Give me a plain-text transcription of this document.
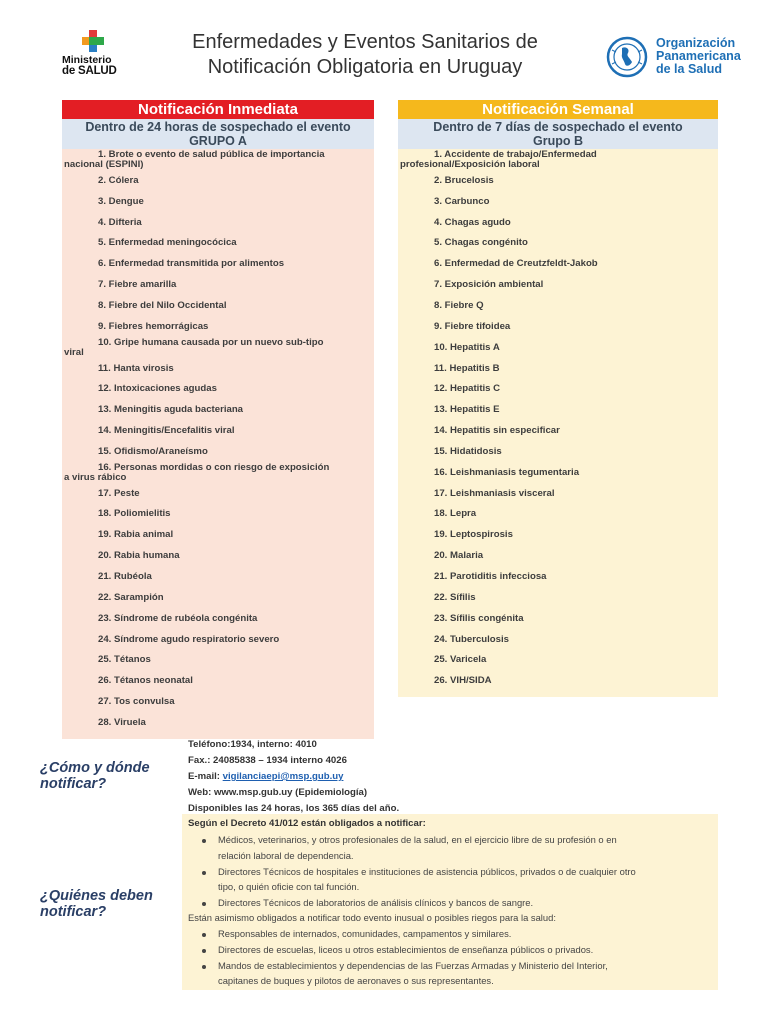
Ministerio
de SALUD
Enfermedades y Eventos Sanitarios de
Notificación Obligatoria en Uruguay
Organización
Panamericana
de la Salud
Notificación Inmediata
Dentro de 24 horas de sospechado el evento
GRUPO A
1. Brote o evento de salud pública de importancia
nacional (ESPINI)
2. Cólera
3. Dengue
4. Difteria
5. Enfermedad meningocócica
6. Enfermedad transmitida por alimentos
7. Fiebre amarilla
8. Fiebre del Nilo Occidental
9. Fiebres hemorrágicas
10. Gripe humana causada por un nuevo sub-tipo
viral
11. Hanta virosis
12. Intoxicaciones agudas
13. Meningitis aguda bacteriana
14. Meningitis/Encefalitis viral
15. Ofidismo/Araneísmo
16. Personas mordidas o con riesgo de exposición
a virus rábico
17. Peste
18. Poliomielitis
19. Rabia animal
20. Rabia humana
21. Rubéola
22. Sarampión
23. Síndrome de rubéola congénita
24. Síndrome agudo respiratorio severo
25. Tétanos
26. Tétanos neonatal
27. Tos convulsa
28. Viruela
Notificación Semanal
Dentro de 7 días de sospechado el evento
Grupo B
1. Accidente de trabajo/Enfermedad
profesional/Exposición laboral
2. Brucelosis
3. Carbunco
4. Chagas agudo
5. Chagas congénito
6. Enfermedad de Creutzfeldt-Jakob
7. Exposición ambiental
8. Fiebre Q
9. Fiebre tifoidea
10. Hepatitis A
11. Hepatitis B
12. Hepatitis C
13. Hepatitis E
14. Hepatitis sin especificar
15. Hidatidosis
16. Leishmaniasis tegumentaria
17. Leishmaniasis visceral
18. Lepra
19. Leptospirosis
20. Malaria
21. Parotiditis infecciosa
22. Sífilis
23. Sífilis congénita
24. Tuberculosis
25. Varicela
26. VIH/SIDA
¿Cómo y dónde
notificar?
Teléfono:1934, interno: 4010
Fax.: 24085838 – 1934 interno 4026
E-mail: vigilanciaepi@msp.gub.uy
Web: www.msp.gub.uy (Epidemiología)
Disponibles las 24 horas, los 365 días del año.
¿Quiénes deben
notificar?
Según el Decreto 41/012 están obligados a notificar:
Médicos, veterinarios, y otros profesionales de la salud, en el ejercicio libre de su profesión o en
relación laboral de dependencia.
Directores Técnicos de hospitales e instituciones de asistencia públicos, privados o de cualquier otro
tipo, o quién oficie con tal función.
Directores Técnicos de laboratorios de análisis clínicos y bancos de sangre.
Están asimismo obligados a notificar todo evento inusual o posibles riegos para la salud:
Responsables de internados, comunidades, campamentos y similares.
Directores de escuelas, liceos u otros establecimientos de enseñanza públicos o privados.
Mandos de establecimientos y dependencias de las Fuerzas Armadas y Ministerio del Interior,
capitanes de buques y pilotos de aeronaves o sus representantes.
